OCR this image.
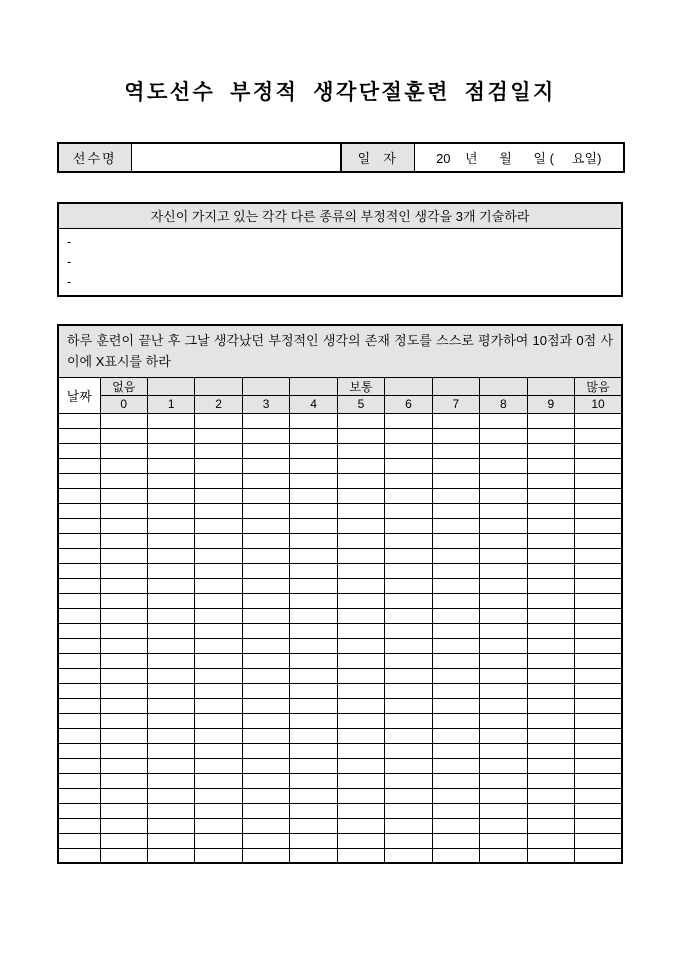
역도선수 부정적 생각단절훈련 점검일지
선수명		일  자	20    년      월      일 (     요일)
자신이 가지고 있는 각각 다른 종류의 부정적인 생각을 3개 기술하라

-
-
-
하루 훈련이 끝난 후 그날 생각났던 부정적인 생각의 존재 정도를 스스로 평가하여 10점과 0점 사이에 X표시를 하라											
날짜	없음					보통					많음
	0	1	2	3	4	5	6	7	8	9	10
